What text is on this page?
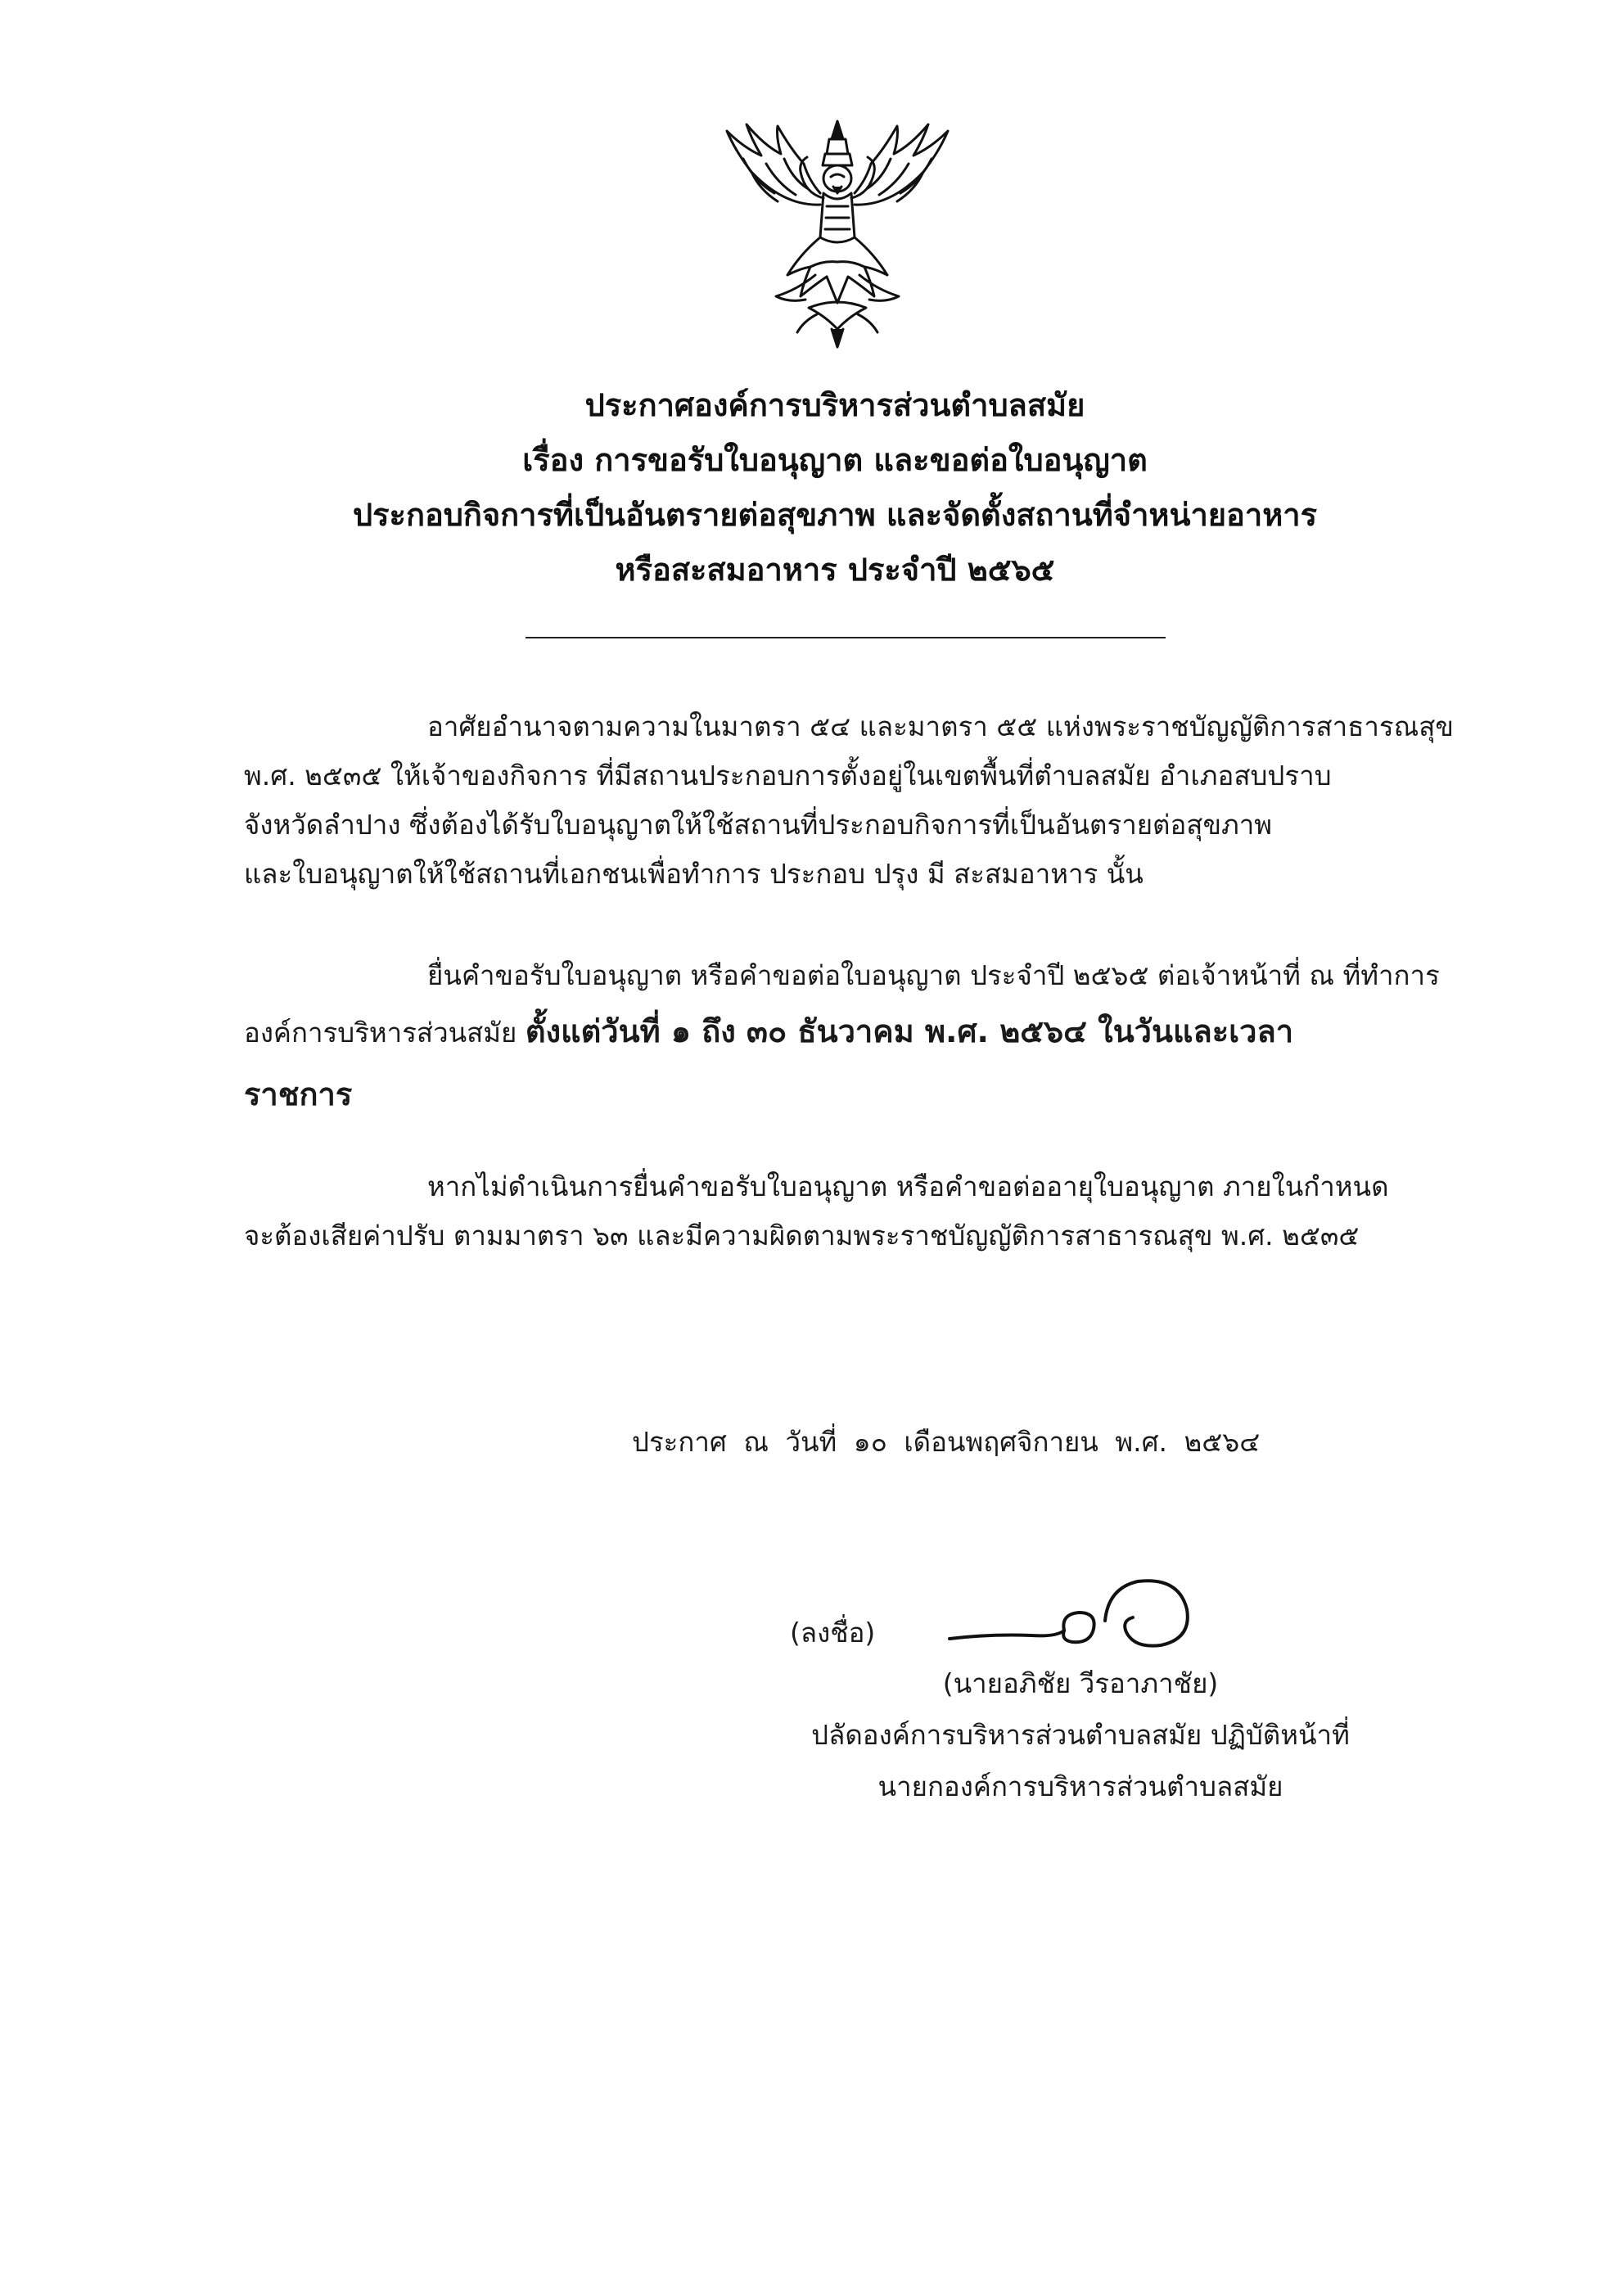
ประกาศองค์การบริหารส่วนตำบลสมัย
เรื่อง การขอรับใบอนุญาต และขอต่อใบอนุญาต
ประกอบกิจการที่เป็นอันตรายต่อสุขภาพ และจัดตั้งสถานที่จำหน่ายอาหาร
หรือสะสมอาหาร ประจำปี ๒๕๖๕
อาศัยอำนาจตามความในมาตรา ๕๔ และมาตรา ๕๕ แห่งพระราชบัญญัติการสาธารณสุข
พ.ศ. ๒๕๓๕ ให้เจ้าของกิจการ ที่มีสถานประกอบการตั้งอยู่ในเขตพื้นที่ตำบลสมัย อำเภอสบปราบ
จังหวัดลำปาง ซึ่งต้องได้รับใบอนุญาตให้ใช้สถานที่ประกอบกิจการที่เป็นอันตรายต่อสุขภาพ
และใบอนุญาตให้ใช้สถานที่เอกชนเพื่อทำการ ประกอบ ปรุง มี สะสมอาหาร นั้น
ยื่นคำขอรับใบอนุญาต หรือคำขอต่อใบอนุญาต ประจำปี ๒๕๖๕ ต่อเจ้าหน้าที่ ณ ที่ทำการ
องค์การบริหารส่วนสมัย ตั้งแต่วันที่ ๑ ถึง ๓๐ ธันวาคม พ.ศ. ๒๕๖๔ ในวันและเวลา
ราชการ
หากไม่ดำเนินการยื่นคำขอรับใบอนุญาต หรือคำขอต่ออายุใบอนุญาต ภายในกำหนด
จะต้องเสียค่าปรับ ตามมาตรา ๖๓ และมีความผิดตามพระราชบัญญัติการสาธารณสุข พ.ศ. ๒๕๓๕
ประกาศ ณ วันที่ ๑๐ เดือนพฤศจิกายน พ.ศ. ๒๕๖๔
(ลงชื่อ)
(นายอภิชัย วีรอาภาชัย)
ปลัดองค์การบริหารส่วนตำบลสมัย ปฏิบัติหน้าที่
นายกองค์การบริหารส่วนตำบลสมัย
